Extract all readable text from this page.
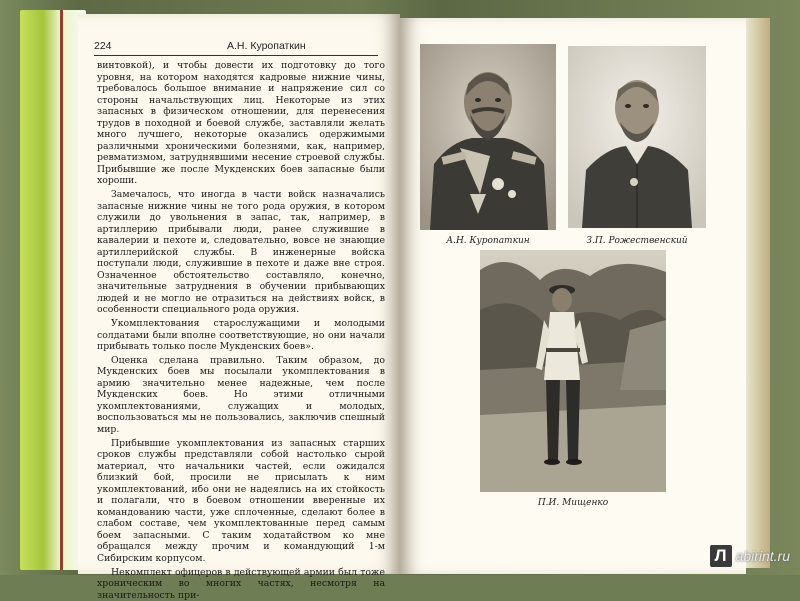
224	А.Н. Куропаткин

винтовкой), и чтобы довести их подготовку до того уровня, на котором находятся кадровые нижние чины, требовалось большое внимание и напряжение сил со стороны начальствующих лиц. Некоторые из этих запасных в физическом отношении, для перенесения трудов в походной и боевой службе, заставляли желать много лучшего, некоторые оказались одержимыми различными хроническими болезнями, как, например, ревматизмом, затруднявшими несение строевой службы. Прибывшие же после Мукденских боев запасные были хороши.

Замечалось, что иногда в части войск назначались запасные нижние чины не того рода оружия, в котором служили до увольнения в запас, так, например, в артиллерию прибывали люди, ранее служившие в кавалерии и пехоте и, следовательно, вовсе не знающие артиллерийской службы. В инженерные войска поступали люди, служившие в пехоте и даже вне строя. Означенное обстоятельство составляло, конечно, значительные затруднения в обучении прибывающих людей и не могло не отразиться на действиях войск, в особенности специального рода оружия.

Укомплектования старослужащими и молодыми солдатами были вполне соответствующие, но они начали прибывать только после Мукденских боев».

Оценка сделана правильно. Таким образом, до Мукденских боев мы посылали укомплектования в армию значительно менее надежные, чем после Мукденских боев. Но этими отличными укомплектованиями, служащих и молодых, воспользоваться мы не пользовались, заключив спешный мир.

Прибывшие укомплектования из запасных старших сроков службы представляли собой настолько сырой материал, что начальники частей, если ожидался близкий бой, просили не присылать к ним укомплектований, ибо они не надеялись на их стойкость и полагали, что в боевом отношении вверенные их командованию части, уже сплоченные, сделают более в слабом составе, чем укомплектованные перед самым боем запасными. С таким ходатайством ко мне обращался между прочим и командующий 1-м Сибирским корпусом.

Некомплект офицеров в действующей армии был тоже хроническим во многих частях, несмотря на значительность при-

А.Н. Куропаткин	З.П. Рожественский
П.И. Мищенко
Л abirint.ru
